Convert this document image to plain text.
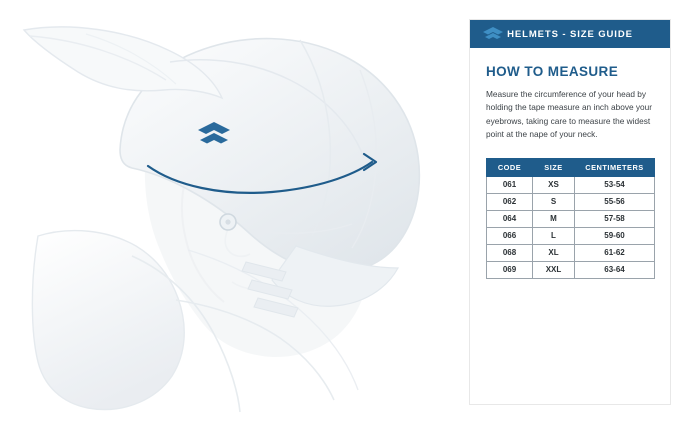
HELMETS - SIZE GUIDE
HOW TO MEASURE

Measure the circumference of your head by holding the tape measure an inch above your eyebrows, taking care to measure the widest point at the nape of your neck.

CODE	SIZE	CENTIMETERS
061	XS	53-54
062	S	55-56
064	M	57-58
066	L	59-60
068	XL	61-62
069	XXL	63-64
